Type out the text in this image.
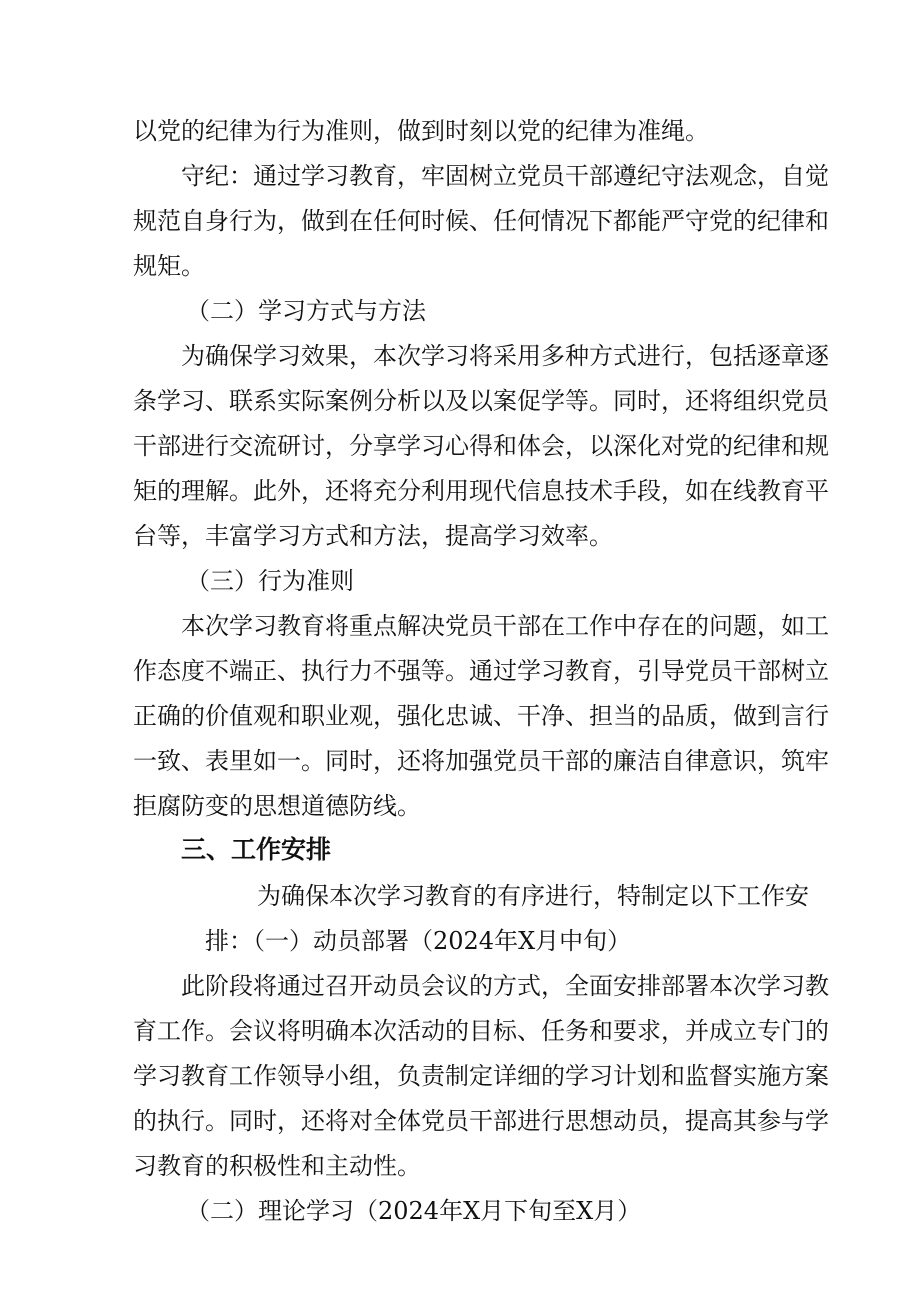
以党的纪律为行为准则，做到时刻以党的纪律为准绳。

守纪：通过学习教育，牢固树立党员干部遵纪守法观念，自觉

规范自身行为，做到在任何时候、任何情况下都能严守党的纪律和

规矩。

（二）学习方式与方法

为确保学习效果，本次学习将采用多种方式进行，包括逐章逐

条学习、联系实际案例分析以及以案促学等。同时，还将组织党员

干部进行交流研讨，分享学习心得和体会，以深化对党的纪律和规

矩的理解。此外，还将充分利用现代信息技术手段，如在线教育平

台等，丰富学习方式和方法，提高学习效率。

（三）行为准则

本次学习教育将重点解决党员干部在工作中存在的问题，如工

作态度不端正、执行力不强等。通过学习教育，引导党员干部树立

正确的价值观和职业观，强化忠诚、干净、担当的品质，做到言行

一致、表里如一。同时，还将加强党员干部的廉洁自律意识，筑牢

拒腐防变的思想道德防线。

三、工作安排

为确保本次学习教育的有序进行，特制定以下工作安

排：（一）动员部署（2024年X月中旬）

此阶段将通过召开动员会议的方式，全面安排部署本次学习教

育工作。会议将明确本次活动的目标、任务和要求，并成立专门的

学习教育工作领导小组，负责制定详细的学习计划和监督实施方案

的执行。同时，还将对全体党员干部进行思想动员，提高其参与学

习教育的积极性和主动性。

（二）理论学习（2024年X月下旬至X月）
